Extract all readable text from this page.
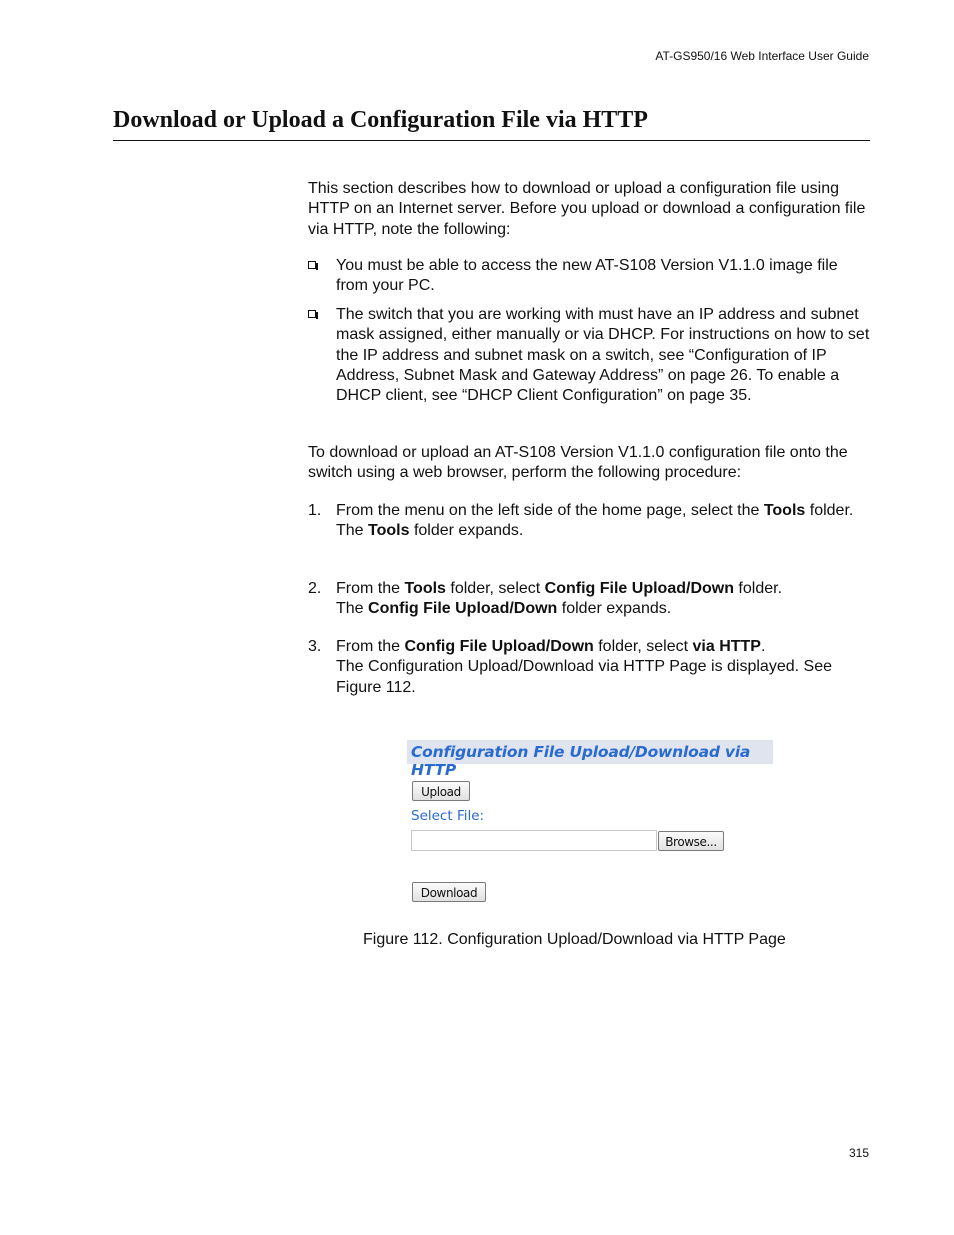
AT-GS950/16 Web Interface User Guide
Download or Upload a Configuration File via HTTP

This section describes how to download or upload a configuration file using HTTP on an Internet server. Before you upload or download a configuration file via HTTP, note the following:

You must be able to access the new AT-S108 Version V1.1.0 image file from your PC.
The switch that you are working with must have an IP address and subnet mask assigned, either manually or via DHCP. For instructions on how to set the IP address and subnet mask on a switch, see “Configuration of IP Address, Subnet Mask and Gateway Address” on page 26. To enable a DHCP client, see “DHCP Client Configuration” on page 35.

To download or upload an AT-S108 Version V1.1.0 configuration file onto the switch using a web browser, perform the following procedure:

1. From the menu on the left side of the home page, select the Tools folder.
The Tools folder expands.
2. From the Tools folder, select Config File Upload/Down folder.
The Config File Upload/Down folder expands.
3. From the Config File Upload/Down folder, select via HTTP.
The Configuration Upload/Download via HTTP Page is displayed. See Figure 112.
Configuration File Upload/Download via HTTP
Upload
Select File:
Browse...
Download
Figure 112. Configuration Upload/Download via HTTP Page
315
